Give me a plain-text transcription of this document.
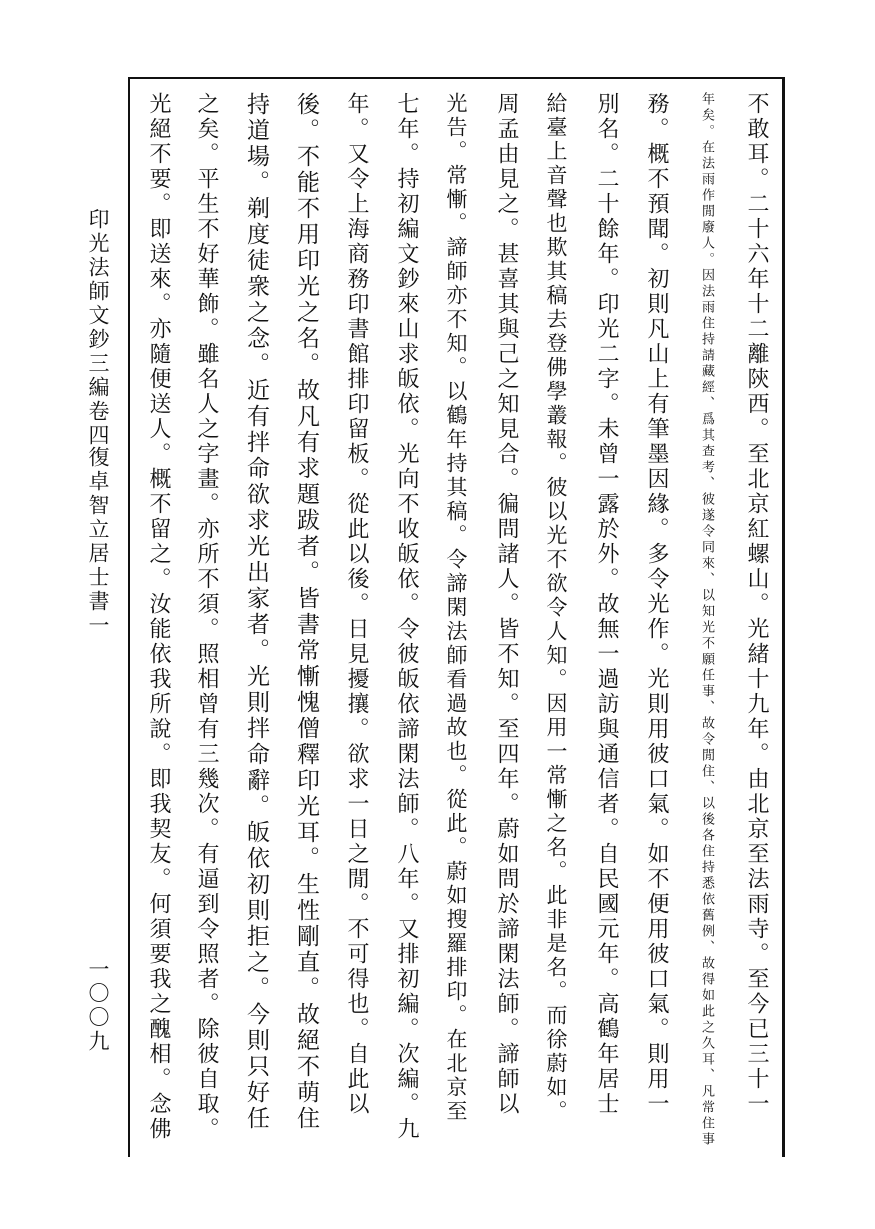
印光法師文鈔三編卷四
復卓智立居士書一
一〇〇九	不敢耳。二十六年十二離陝西。至北京紅螺山。光緒十九年。由北京至法雨寺。至今已三十一
年矣。在法雨作閒廢人。因法雨住持請藏經、爲其查考、彼遂令同來、以知光不願任事、故令閒住、以後各住持悉依舊例、故得如此之久耳、凡常住事
務。概不預聞。初則凡山上有筆墨因緣。多令光作。光則用彼口氣。如不便用彼口氣。則用一
別名。二十餘年。印光二字。未曾一露於外。故無一過訪與通信者。自民國元年。高鶴年居士
給臺上音聲也欺其稿去登佛學叢報。彼以光不欲令人知。因用一常慚之名。此非是名。而徐蔚如。
周孟由見之。甚喜其與己之知見合。徧問諸人。皆不知。至四年。蔚如問於諦閑法師。諦師以
光告。常慚。諦師亦不知。以鶴年持其稿。令諦閑法師看過故也。從此。蔚如搜羅排印。在北京至
七年。持初編文鈔來山求皈依。光向不收皈依。令彼皈依諦閑法師。八年。又排初編。次編。九
年。又令上海商務印書館排印留板。從此以後。日見擾攘。欲求一日之閒。不可得也。自此以
後。不能不用印光之名。故凡有求題跋者。皆書常慚愧僧釋印光耳。生性剛直。故絕不萌住
持道場。剃度徒衆之念。近有拌命欲求光出家者。光則拌命辭。皈依初則拒之。今則只好任
之矣。平生不好華飾。雖名人之字畫。亦所不須。照相曾有三幾次。有逼到令照者。除彼自取。
光絕不要。即送來。亦隨便送人。概不留之。汝能依我所說。即我契友。何須要我之醜相。念佛
